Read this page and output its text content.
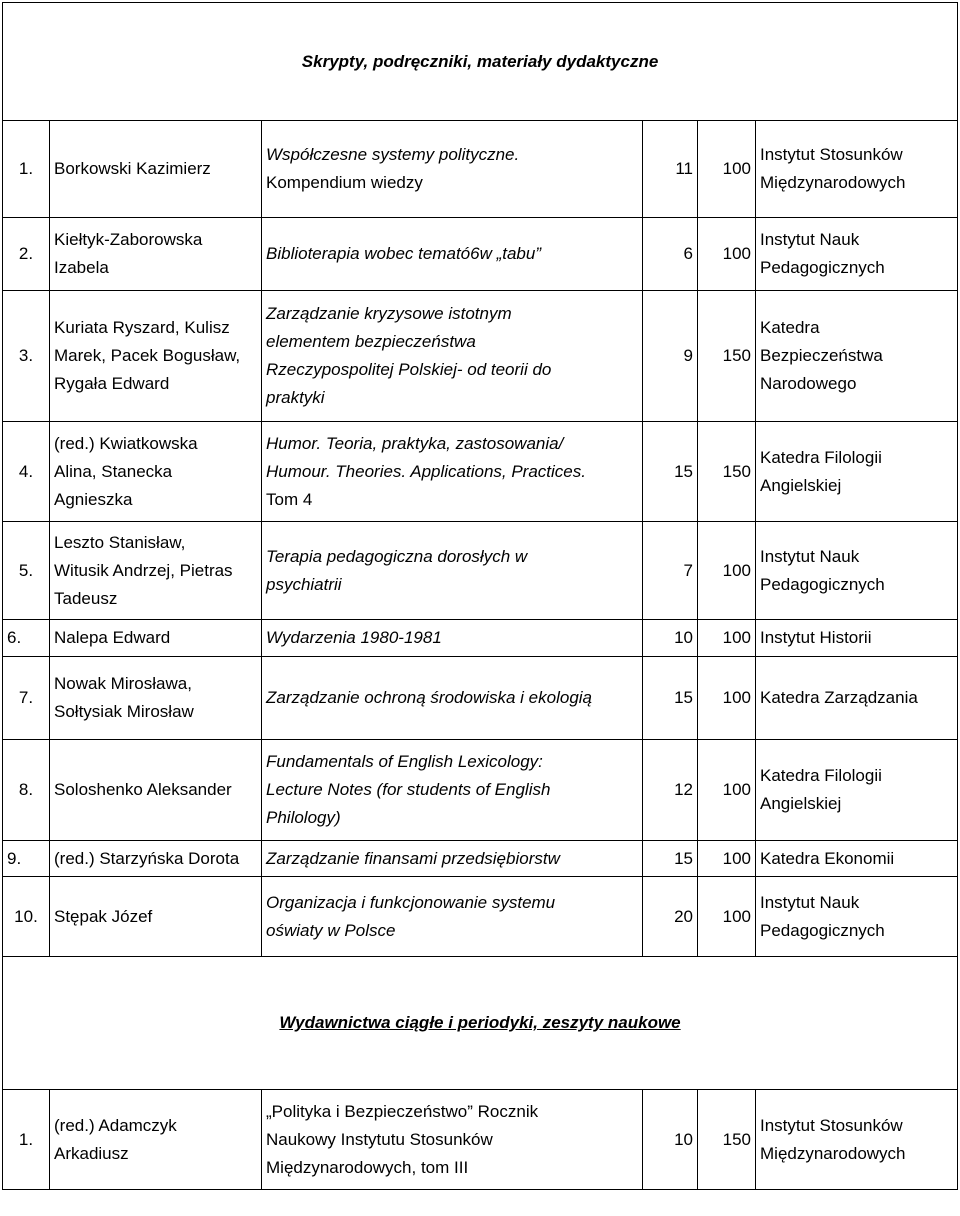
Skrypty, podręczniki, materiały dydaktyczne					
1.	Borkowski Kazimierz	Współczesne systemy polityczne.
Kompendium wiedzy	11	100	Instytut Stosunków
Międzynarodowych

2.	Kiełtyk-Zaborowska
Izabela	Biblioterapia wobec temató6w „tabu”	6	100	Instytut Nauk
Pedagogicznych

3.	Kuriata Ryszard, Kulisz
Marek, Pacek Bogusław,
Rygała Edward	Zarządzanie kryzysowe istotnym
elementem bezpieczeństwa
Rzeczypospolitej Polskiej- od teorii do
praktyki	9	150	Katedra
Bezpieczeństwa
Narodowego

4.	(red.) Kwiatkowska
Alina, Stanecka
Agnieszka	Humor. Teoria, praktyka, zastosowania/
Humour. Theories. Applications, Practices.
Tom 4	15	150	Katedra Filologii
Angielskiej

5.	Leszto Stanisław,
Witusik Andrzej, Pietras
Tadeusz	Terapia pedagogiczna dorosłych w
psychiatrii	7	100	Instytut Nauk
Pedagogicznych

6.	Nalepa Edward	Wydarzenia 1980-1981	10	100	Instytut Historii
7.	Nowak Mirosława,
Sołtysiak Mirosław	Zarządzanie ochroną środowiska i ekologią	15	100	Katedra Zarządzania
8.	Soloshenko Aleksander	Fundamentals of English Lexicology:
Lecture Notes (for students of English
Philology)	12	100	Katedra Filologii
Angielskiej

9.	(red.) Starzyńska Dorota	Zarządzanie finansami przedsiębiorstw	15	100	Katedra Ekonomii
10.	Stępak Józef	Organizacja i funkcjonowanie systemu
oświaty w Polsce	20	100	Instytut Nauk
Pedagogicznych

Wydawnictwa ciągłe i periodyki, zeszyty naukowe					
1.	(red.) Adamczyk
Arkadiusz	„Polityka i Bezpieczeństwo” Rocznik
Naukowy Instytutu Stosunków
Międzynarodowych, tom III	10	150	Instytut Stosunków
Międzynarodowych
